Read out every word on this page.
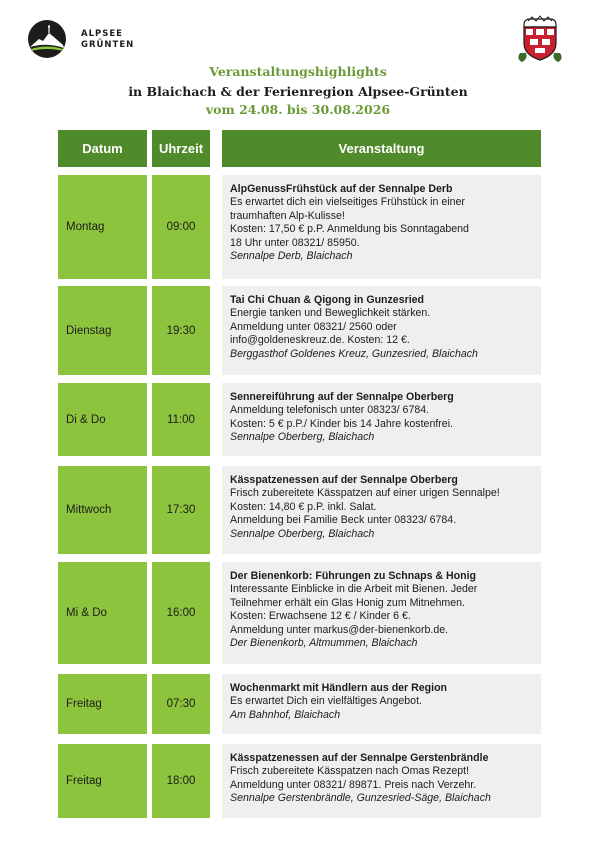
ALPSEE
GRÜNTEN
Veranstaltungshighlights
in Blaichach & der Ferienregion Alpsee-Grünten
vom 24.08. bis 30.08.2026
Datum	Uhrzeit	Veranstaltung
Montag	09:00
AlpGenussFrühstück auf der Sennalpe Derb
Es erwartet dich ein vielseitiges Frühstück in einer
traumhaften Alp-Kulisse!
Kosten: 17,50 € p.P. Anmeldung bis Sonntagabend
18 Uhr unter 08321/ 85950.
Sennalpe Derb, Blaichach
Dienstag	19:30
Tai Chi Chuan & Qigong in Gunzesried
Energie tanken und Beweglichkeit stärken.
Anmeldung unter 08321/ 2560 oder
info@goldeneskreuz.de. Kosten: 12 €.
Berggasthof Goldenes Kreuz, Gunzesried, Blaichach
Di & Do	11:00
Sennereiführung auf der Sennalpe Oberberg
Anmeldung telefonisch unter 08323/ 6784.
Kosten: 5 € p.P./ Kinder bis 14 Jahre kostenfrei.
Sennalpe Oberberg, Blaichach
Mittwoch	17:30
Kässpatzenessen auf der Sennalpe Oberberg
Frisch zubereitete Kässpatzen auf einer urigen Sennalpe!
Kosten: 14,80 € p.P. inkl. Salat.
Anmeldung bei Familie Beck unter 08323/ 6784.
Sennalpe Oberberg, Blaichach
Mi & Do	16:00
Der Bienenkorb: Führungen zu Schnaps & Honig
Interessante Einblicke in die Arbeit mit Bienen. Jeder
Teilnehmer erhält ein Glas Honig zum Mitnehmen.
Kosten: Erwachsene 12 € / Kinder 6 €.
Anmeldung unter markus@der-bienenkorb.de.
Der Bienenkorb, Altmummen, Blaichach
Freitag	07:30
Wochenmarkt mit Händlern aus der Region
Es erwartet Dich ein vielfältiges Angebot.
Am Bahnhof, Blaichach
Freitag	18:00
Kässpatzenessen auf der Sennalpe Gerstenbrändle
Frisch zubereitete Kässpatzen nach Omas Rezept!
Anmeldung unter 08321/ 89871. Preis nach Verzehr.
Sennalpe Gerstenbrändle, Gunzesried-Säge, Blaichach
